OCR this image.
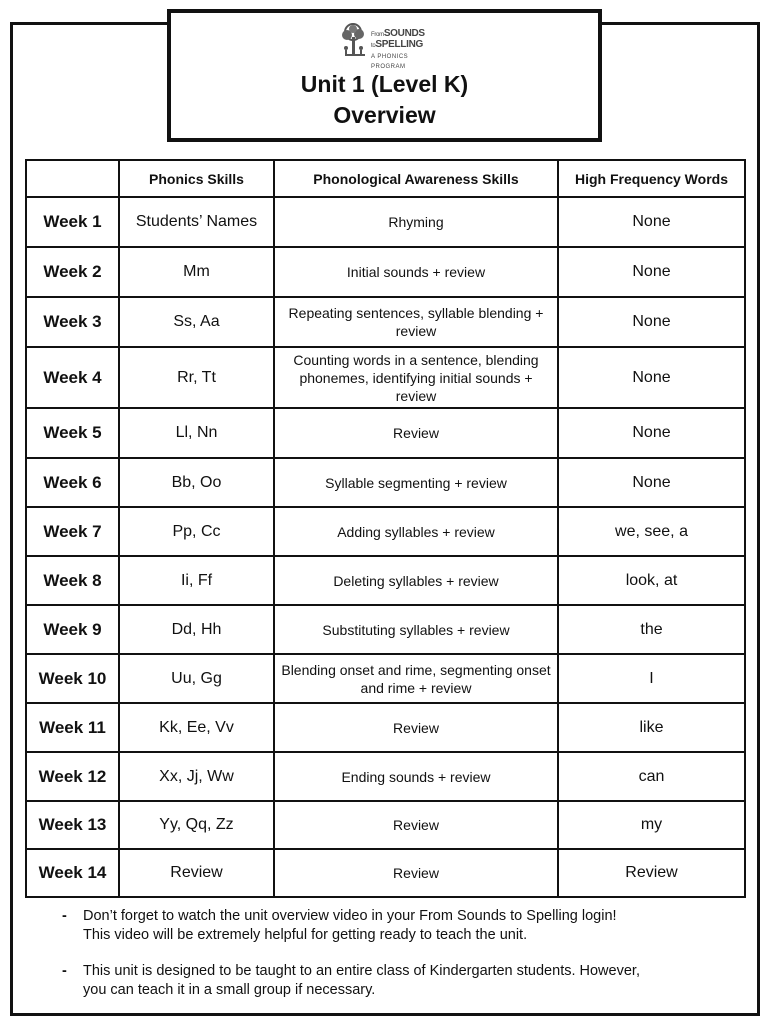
FromSOUNDS
toSPELLING
A PHONICS PROGRAM
Unit 1 (Level K)
Overview
	Phonics Skills	Phonological Awareness Skills	High Frequency Words
Week 1	Students’ Names	Rhyming	None
Week 2	Mm	Initial sounds + review	None
Week 3	Ss, Aa	Repeating sentences, syllable blending + review	None
Week 4	Rr, Tt	Counting words in a sentence, blending phonemes, identifying initial sounds + review	None
Week 5	Ll, Nn	Review	None
Week 6	Bb, Oo	Syllable segmenting + review	None
Week 7	Pp, Cc	Adding syllables + review	we, see, a
Week 8	Ii, Ff	Deleting syllables + review	look, at
Week 9	Dd, Hh	Substituting syllables + review	the
Week 10	Uu, Gg	Blending onset and rime, segmenting onset and rime + review	I
Week 11	Kk, Ee, Vv	Review	like
Week 12	Xx, Jj, Ww	Ending sounds + review	can
Week 13	Yy, Qq, Zz	Review	my
Week 14	Review	Review	Review
- Don’t forget to watch the unit overview video in your From Sounds to Spelling login!
This video will be extremely helpful for getting ready to teach the unit.
- This unit is designed to be taught to an entire class of Kindergarten students. However,
you can teach it in a small group if necessary.
